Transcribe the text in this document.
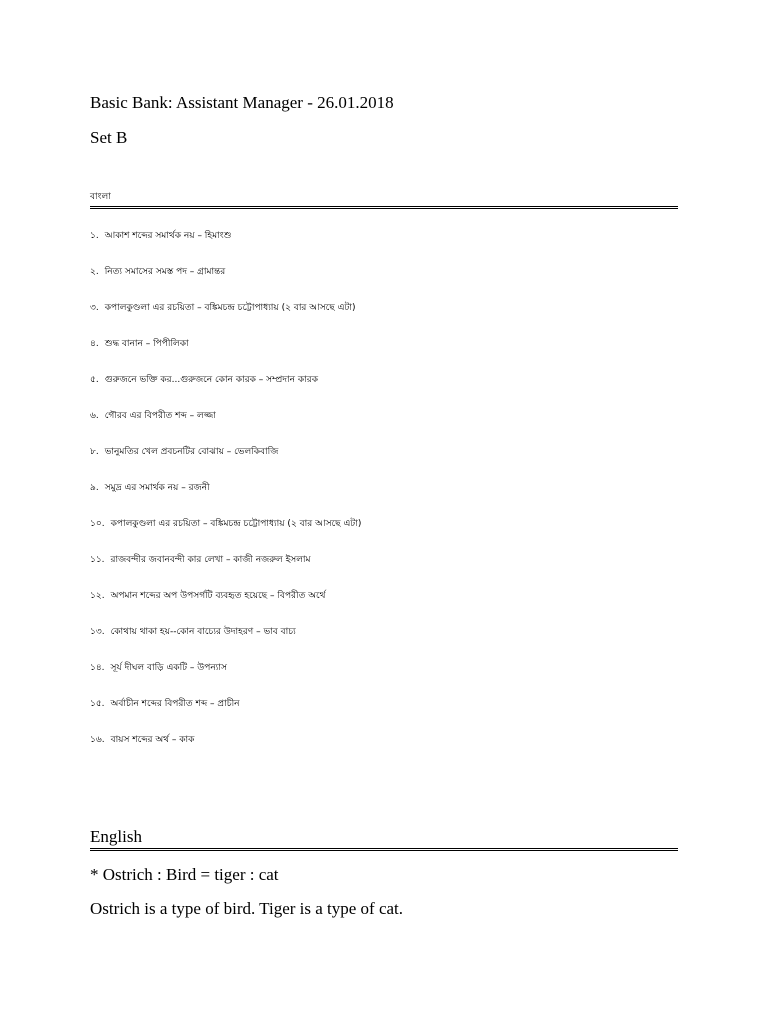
Basic Bank: Assistant Manager - 26.01.2018
Set B
বাংলা
১. আকাশ শব্দের সমার্থক নয় – হিমাংশু
২. নিত্য সমাসের সমস্ত পদ – গ্রামান্তর
৩. কপালকুণ্ডলা এর রচয়িতা – বঙ্কিমচন্দ্র চট্টোপাধ্যায় (২ বার আসছে এটা)
৪. শুদ্ধ বানান – পিপীলিকা
৫. গুরুজনে ভক্তি কর...গুরুজনে কোন কারক – সম্প্রদান কারক
৬. গৌরব এর বিপরীত শব্দ – লজ্জা
৮. ভানুমতির খেল প্রবচনটির বোঝায় – ভেলকিবাজি
৯. সমুদ্র এর সমার্থক নয় – রজনী
১০. কপালকুণ্ডলা এর রচয়িতা – বঙ্কিমচন্দ্র চট্টোপাধ্যায় (২ বার আসছে এটা)
১১. রাজবন্দীর জবানবন্দী কার লেখা – কাজী নজরুল ইসলাম
১২. অপমান শব্দের অপ উপসর্গটি ব্যবহৃত হয়েছে – বিপরীত অর্থে
১৩. কোথায় থাকা হয়--কোন বাচ্যের উদাহরণ – ভাব বাচ্য
১৪. সূর্য দীঘল বাড়ি একটি – উপন্যাস
১৫. অর্বাচীন শব্দের বিপরীত শব্দ – প্রাচীন
১৬. বায়স শব্দের অর্থ – কাক
English
* Ostrich : Bird = tiger : cat
Ostrich is a type of bird. Tiger is a type of cat.
